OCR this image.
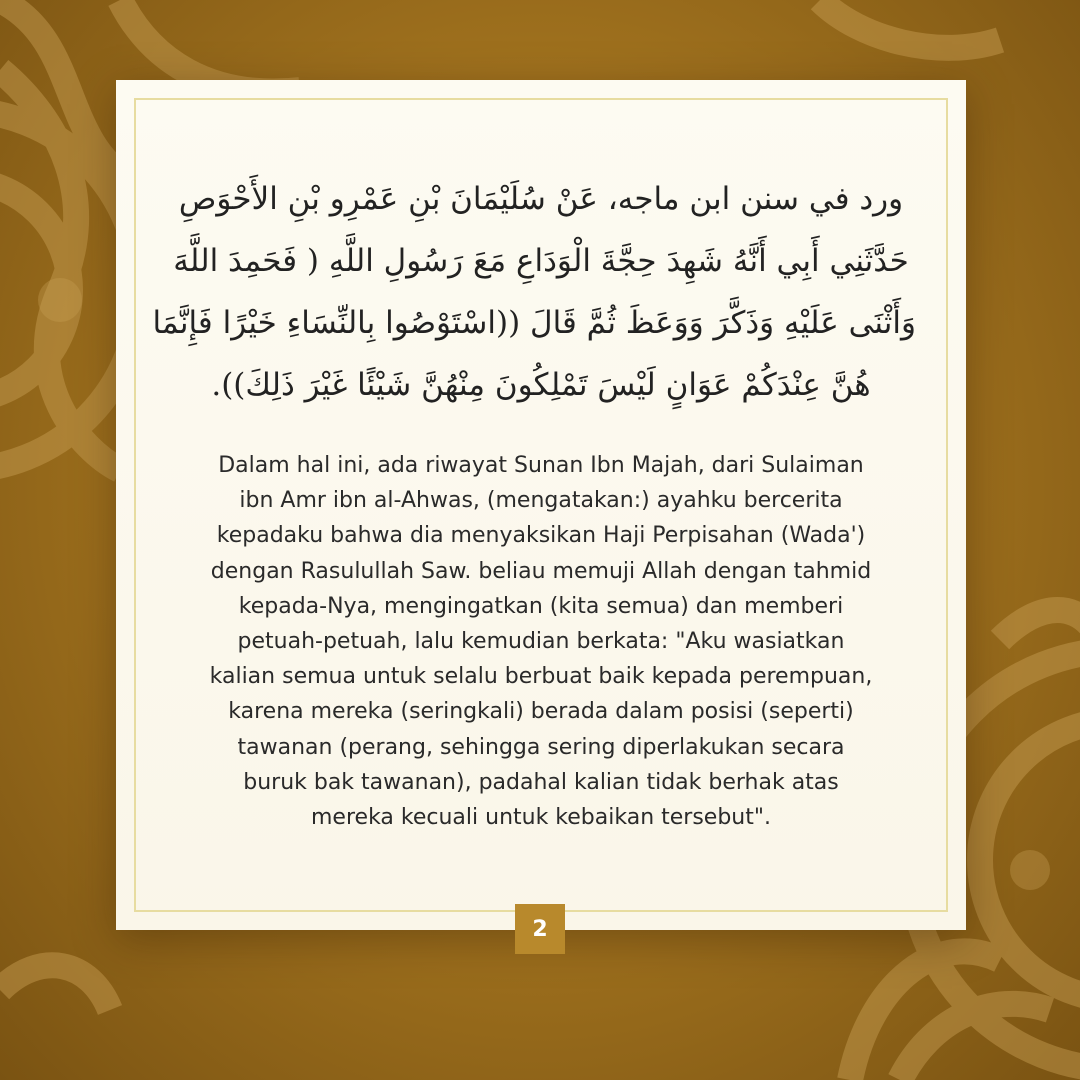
ورد في سنن ابن ماجه، عَنْ سُلَيْمَانَ بْنِ عَمْرِو بْنِ الأَحْوَصِ
حَدَّثَنِي أَبِي أَنَّهُ شَهِدَ حِجَّةَ الْوَدَاعِ مَعَ رَسُولِ اللَّهِ ( فَحَمِدَ اللَّهَ
وَأَثْنَى عَلَيْهِ وَذَكَّرَ وَوَعَظَ ثُمَّ قَالَ ((اسْتَوْصُوا بِالنِّسَاءِ خَيْرًا فَإِنَّمَا
هُنَّ عِنْدَكُمْ عَوَانٍ لَيْسَ تَمْلِكُونَ مِنْهُنَّ شَيْئًا غَيْرَ ذَلِكَ)).
Dalam hal ini, ada riwayat Sunan Ibn Majah, dari Sulaiman
ibn Amr ibn al-Ahwas, (mengatakan:) ayahku bercerita
kepadaku bahwa dia menyaksikan Haji Perpisahan (Wada')
dengan Rasulullah Saw. beliau memuji Allah dengan tahmid
kepada-Nya, mengingatkan (kita semua) dan memberi
petuah-petuah, lalu kemudian berkata: "Aku wasiatkan
kalian semua untuk selalu berbuat baik kepada perempuan,
karena mereka (seringkali) berada dalam posisi (seperti)
tawanan (perang, sehingga sering diperlakukan secara
buruk bak tawanan), padahal kalian tidak berhak atas
mereka kecuali untuk kebaikan tersebut".
2
